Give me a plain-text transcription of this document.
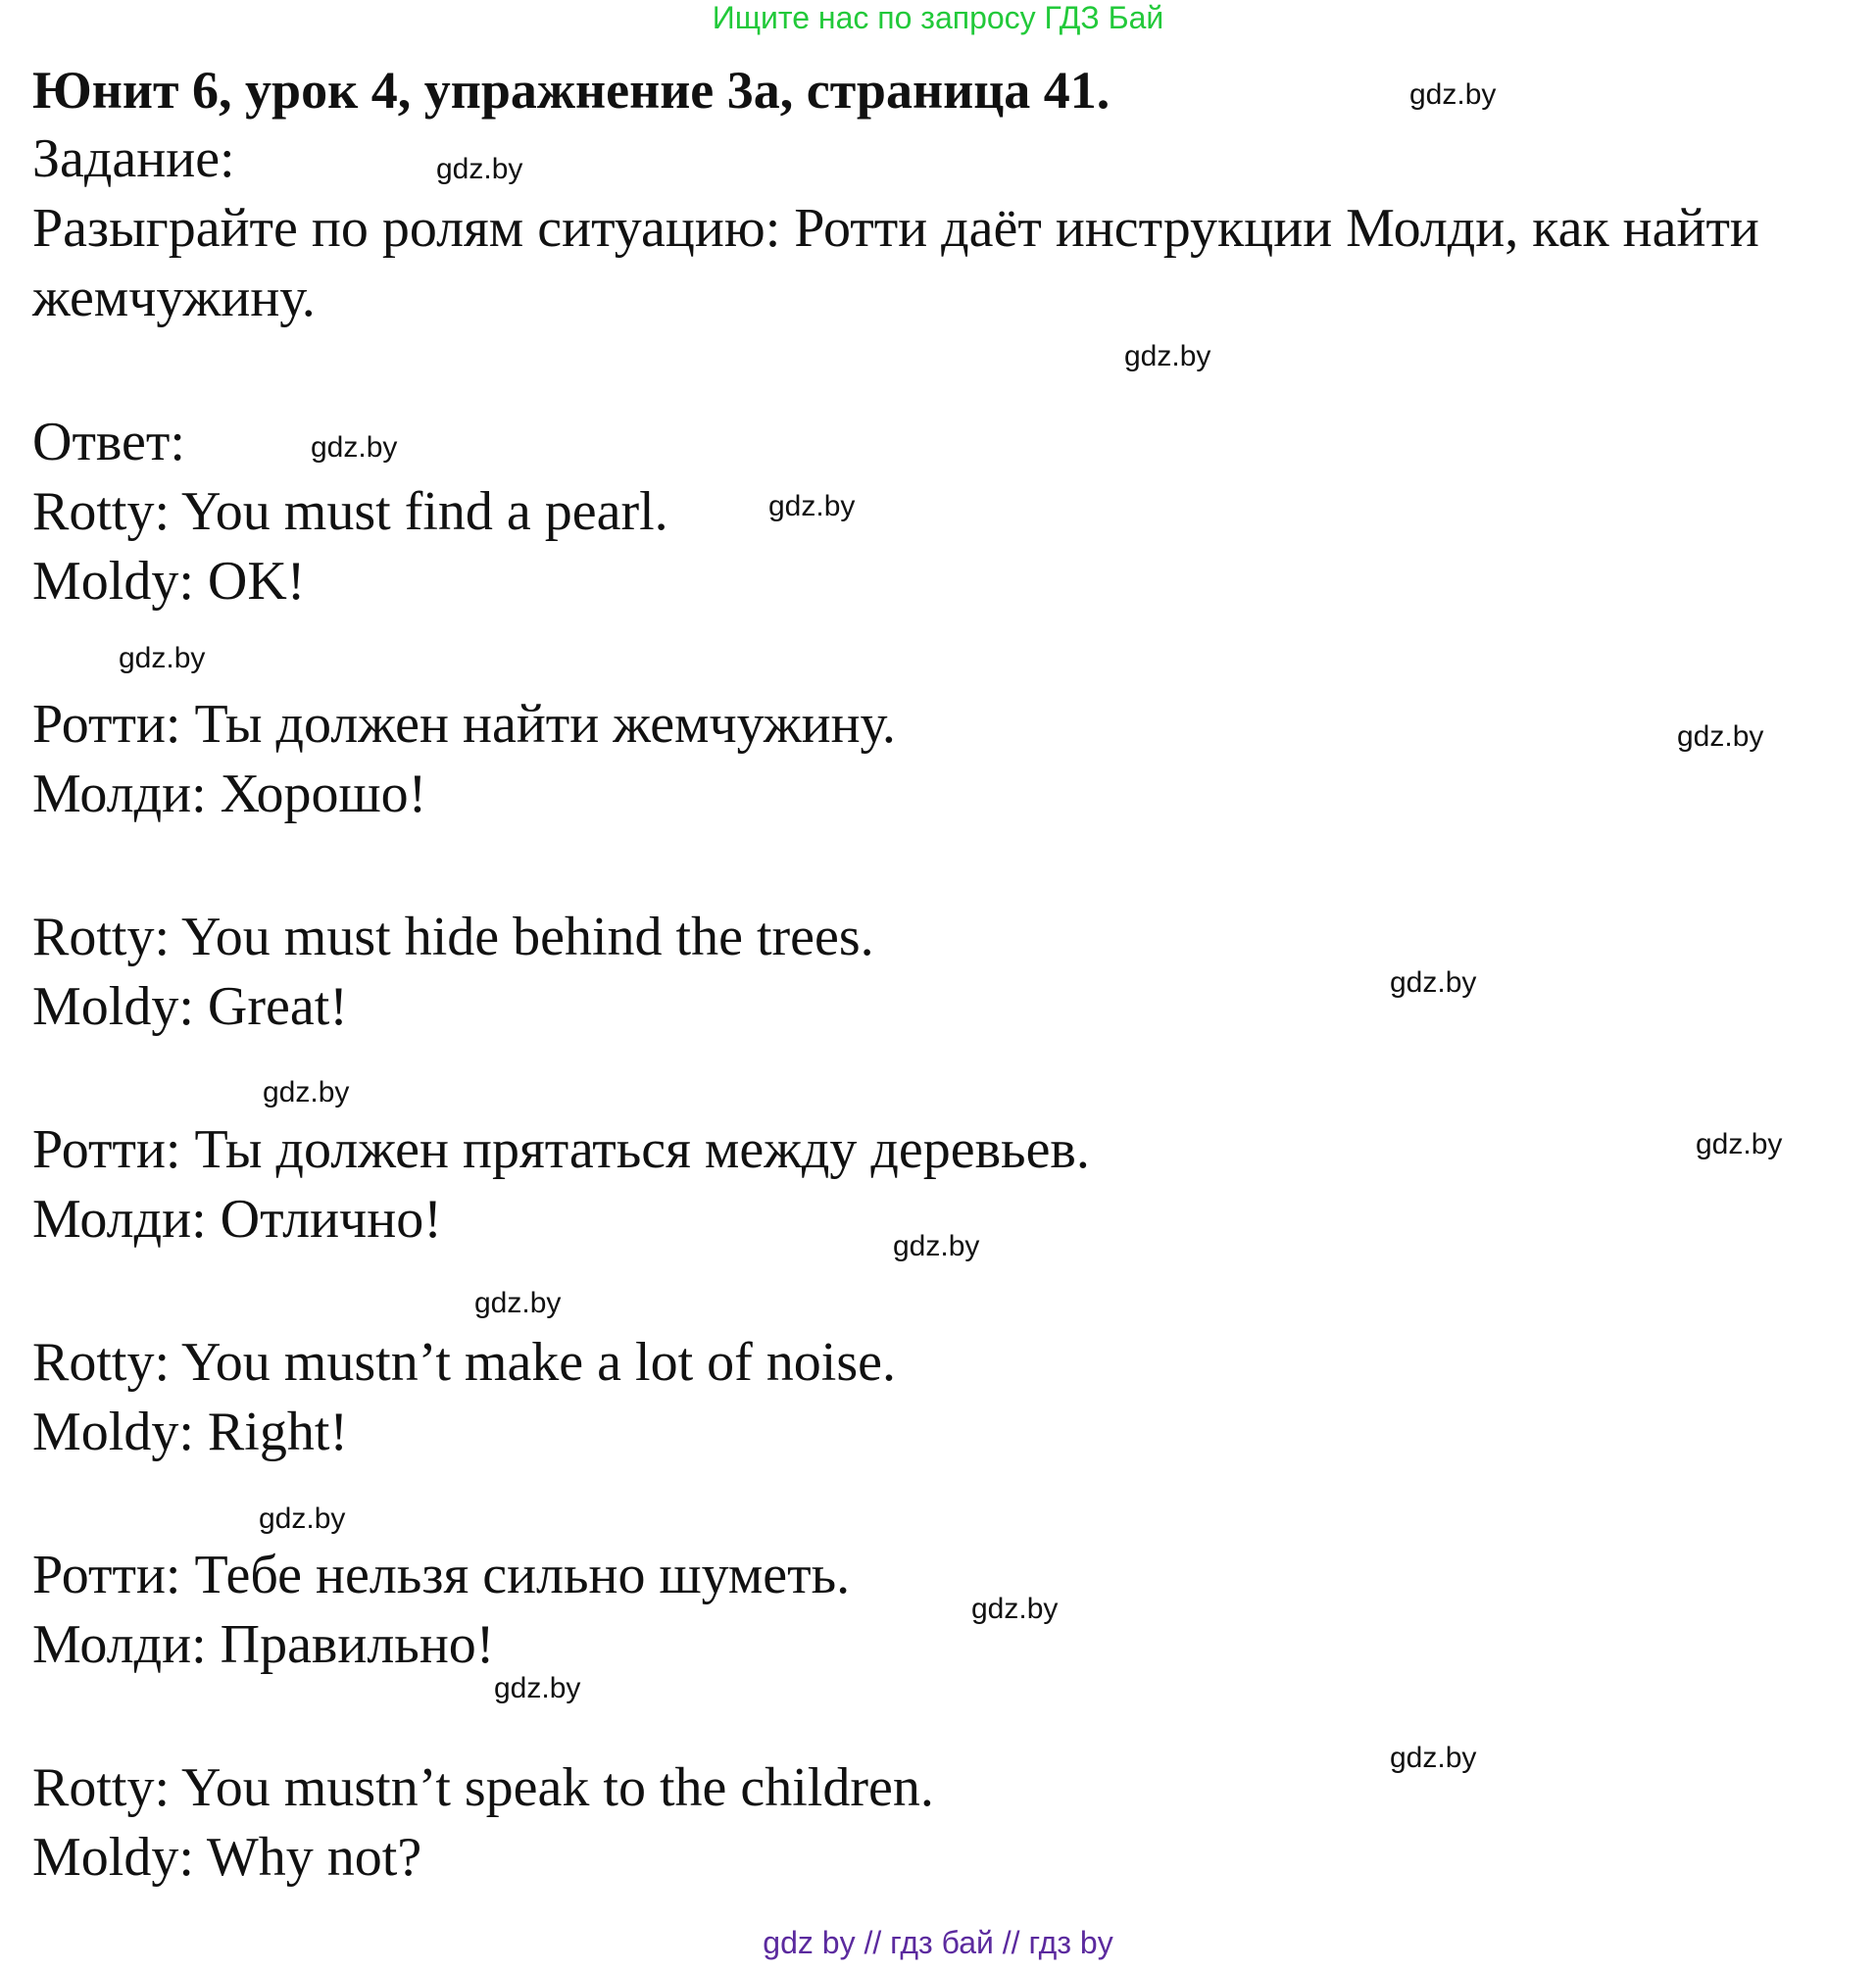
Ищите нас по запросу ГДЗ Бай
Юнит 6, урок 4, упражнение 3а, страница 41.
Задание:
Разыграйте по ролям ситуацию: Ротти даёт инструкции Молди, как найти
жемчужину.
Ответ:
Rotty: You must find a pearl.
Moldy: OK!
Ротти: Ты должен найти жемчужину.
Молди: Хорошо!
Rotty: You must hide behind the trees.
Moldy: Great!
Ротти: Ты должен прятаться между деревьев.
Молди: Отлично!
Rotty: You mustn’t make a lot of noise.
Moldy: Right!
Ротти: Тебе нельзя сильно шуметь.
Молди: Правильно!
Rotty: You mustn’t speak to the children.
Moldy: Why not?
gdz.by
gdz.by
gdz.by
gdz.by
gdz.by
gdz.by
gdz.by
gdz.by
gdz.by
gdz.by
gdz.by
gdz.by
gdz.by
gdz.by
gdz.by
gdz.by
gdz by // гдз бай // гдз by
